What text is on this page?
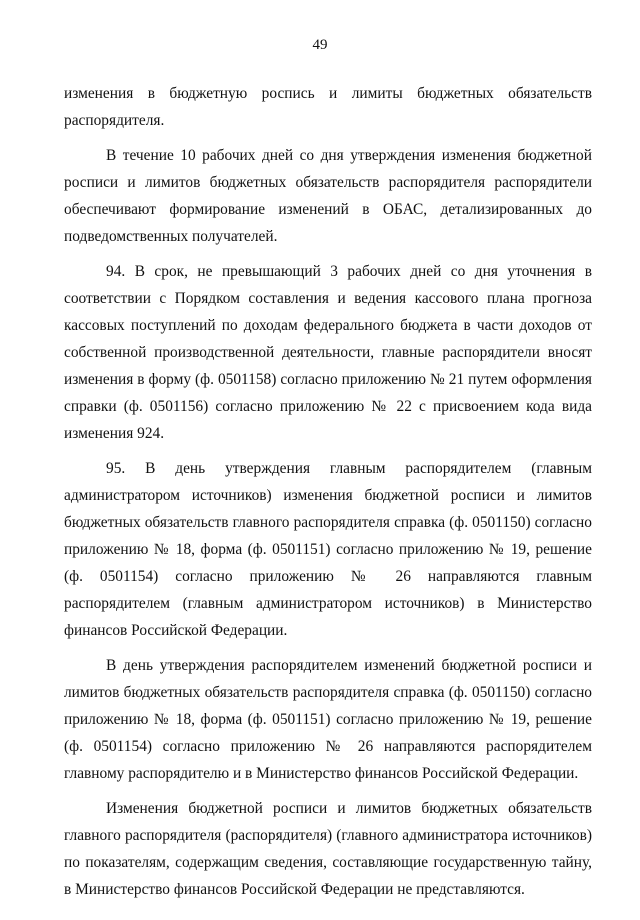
49

изменения в бюджетную роспись и лимиты бюджетных обязательств распорядителя.

В течение 10 рабочих дней со дня утверждения изменения бюджетной росписи и лимитов бюджетных обязательств распорядителя распорядители обеспечивают формирование изменений в ОБАС, детализированных до подведомственных получателей.

94. В срок, не превышающий 3 рабочих дней со дня уточнения в соответствии с Порядком составления и ведения кассового плана прогноза кассовых поступлений по доходам федерального бюджета в части доходов от собственной производственной деятельности, главные распорядители вносят изменения в форму (ф. 0501158) согласно приложению № 21 путем оформления справки (ф. 0501156) согласно приложению № 22 с присвоением кода вида изменения 924.

95. В день утверждения главным распорядителем (главным администратором источников) изменения бюджетной росписи и лимитов бюджетных обязательств главного распорядителя справка (ф. 0501150) согласно приложению № 18, форма (ф. 0501151) согласно приложению № 19, решение (ф. 0501154) согласно приложению № 26 направляются главным распорядителем (главным администратором источников) в Министерство финансов Российской Федерации.

В день утверждения распорядителем изменений бюджетной росписи и лимитов бюджетных обязательств распорядителя справка (ф. 0501150) согласно приложению № 18, форма (ф. 0501151) согласно приложению № 19, решение (ф. 0501154) согласно приложению № 26 направляются распорядителем главному распорядителю и в Министерство финансов Российской Федерации.

Изменения бюджетной росписи и лимитов бюджетных обязательств главного распорядителя (распорядителя) (главного администратора источников) по показателям, содержащим сведения, составляющие государственную тайну, в Министерство финансов Российской Федерации не представляются.
